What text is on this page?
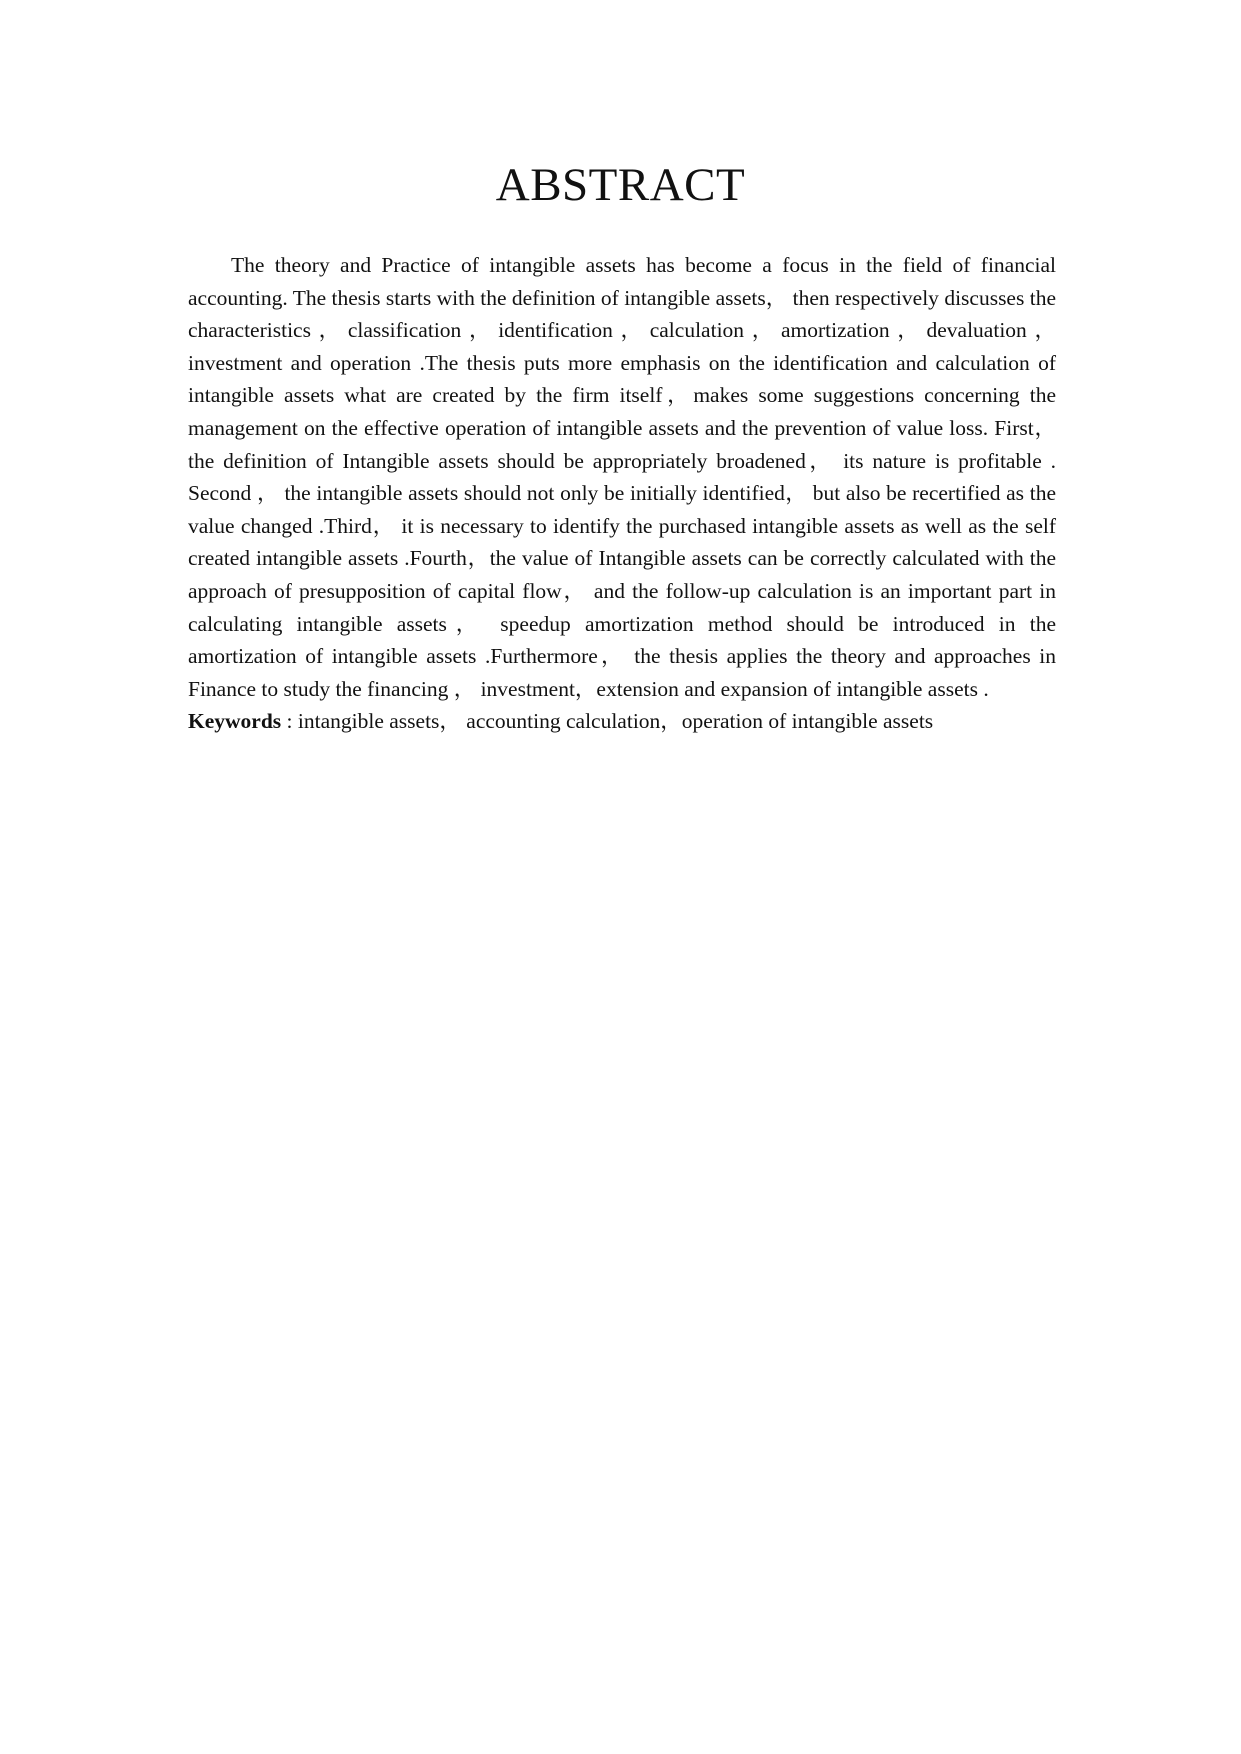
ABSTRACT

The theory and Practice of intangible assets has become a focus in the field of financial accounting. The thesis starts with the definition of intangible assets， then respectively discusses the characteristics，classification，identification，calculation，amortization，devaluation，investment and operation .The thesis puts more emphasis on the identification and calculation of intangible assets what are created by the firm itself，makes some suggestions concerning the management on the effective operation of intangible assets and the prevention of value loss. First，the definition of Intangible assets should be appropriately broadened， its nature is profitable . Second ， the intangible assets should not only be initially identified， but also be recertified as the value changed .Third， it is necessary to identify the purchased intangible assets as well as the self created intangible assets .Fourth，the value of Intangible assets can be correctly calculated with the approach of presupposition of capital flow， and the follow-up calculation is an important part in calculating intangible assets， speedup amortization method should be introduced in the amortization of intangible assets .Furthermore， the thesis applies the theory and approaches in Finance to study the financing ， investment，extension and expansion of intangible assets .

Keywords : intangible assets， accounting calculation，operation of intangible assets
